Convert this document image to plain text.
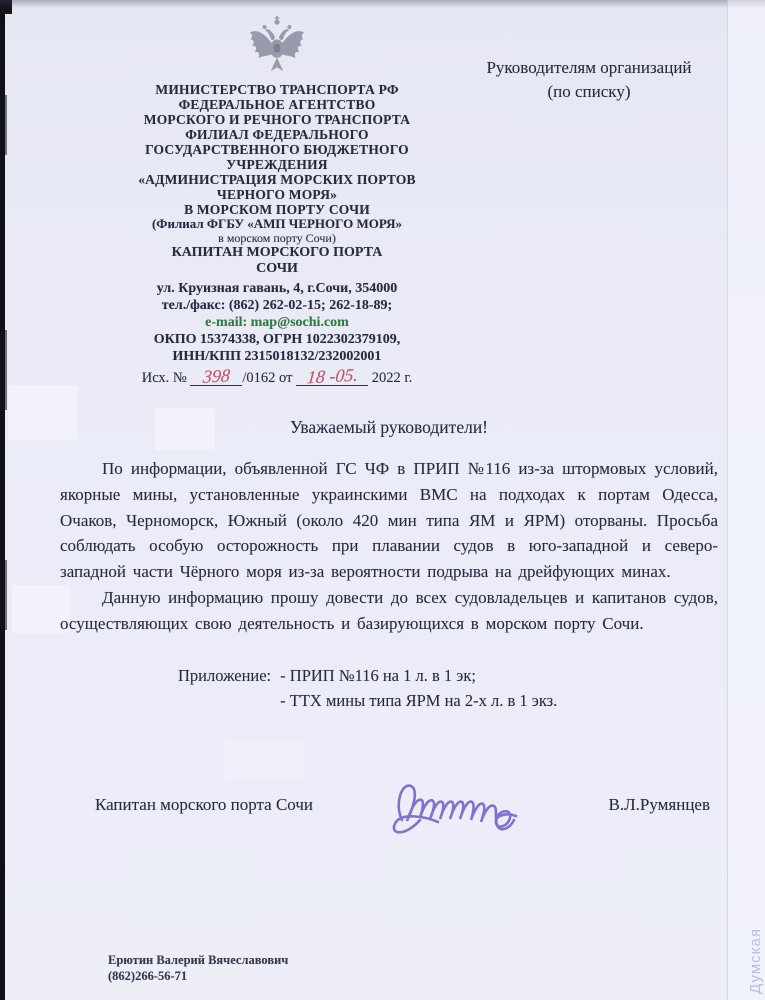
МИНИСТЕРСТВО ТРАНСПОРТА РФ
ФЕДЕРАЛЬНОЕ АГЕНТСТВО
МОРСКОГО И РЕЧНОГО ТРАНСПОРТА
ФИЛИАЛ ФЕДЕРАЛЬНОГО
ГОСУДАРСТВЕННОГО БЮДЖЕТНОГО
УЧРЕЖДЕНИЯ
«АДМИНИСТРАЦИЯ МОРСКИХ ПОРТОВ
ЧЕРНОГО МОРЯ»
В МОРСКОМ ПОРТУ СОЧИ
(Филиал ФГБУ «АМП ЧЕРНОГО МОРЯ»
в морском порту Сочи)
КАПИТАН МОРСКОГО ПОРТА
СОЧИ
ул. Круизная гавань, 4, г.Сочи, 354000
тел./факс: (862) 262-02-15; 262-18-89;
e-mail: map@sochi.com
ОКПО 15374338, ОГРН 1022302379109,
ИНН/КПП 2315018132/232002001
Исх. № 398 /0162 от 18 -05. 2022 г.
Руководителям организаций
(по списку)
Уважаемый руководители!

По информации, объявленной ГС ЧФ в ПРИП №116 из-за штормовых условий, якорные мины, установленные украинскими ВМС на подходах к портам Одесса, Очаков, Черноморск, Южный (около 420 мин типа ЯМ и ЯРМ) оторваны. Просьба соблюдать особую осторожность при плавании судов в юго-западной и северо-западной части Чёрного моря из-за вероятности подрыва на дрейфующих минах.

Данную информацию прошу довести до всех судовладельцев и капитанов судов, осуществляющих свою деятельность и базирующихся в морском порту Сочи.

Приложение: - ПРИП №116 на 1 л. в 1 эк;
- ТТХ мины типа ЯРМ на 2-х л. в 1 экз.
Капитан морского порта Сочи	В.Л.Румянцев
Ерютин Валерий Вячеславович
(862)266-56-71	Думская
